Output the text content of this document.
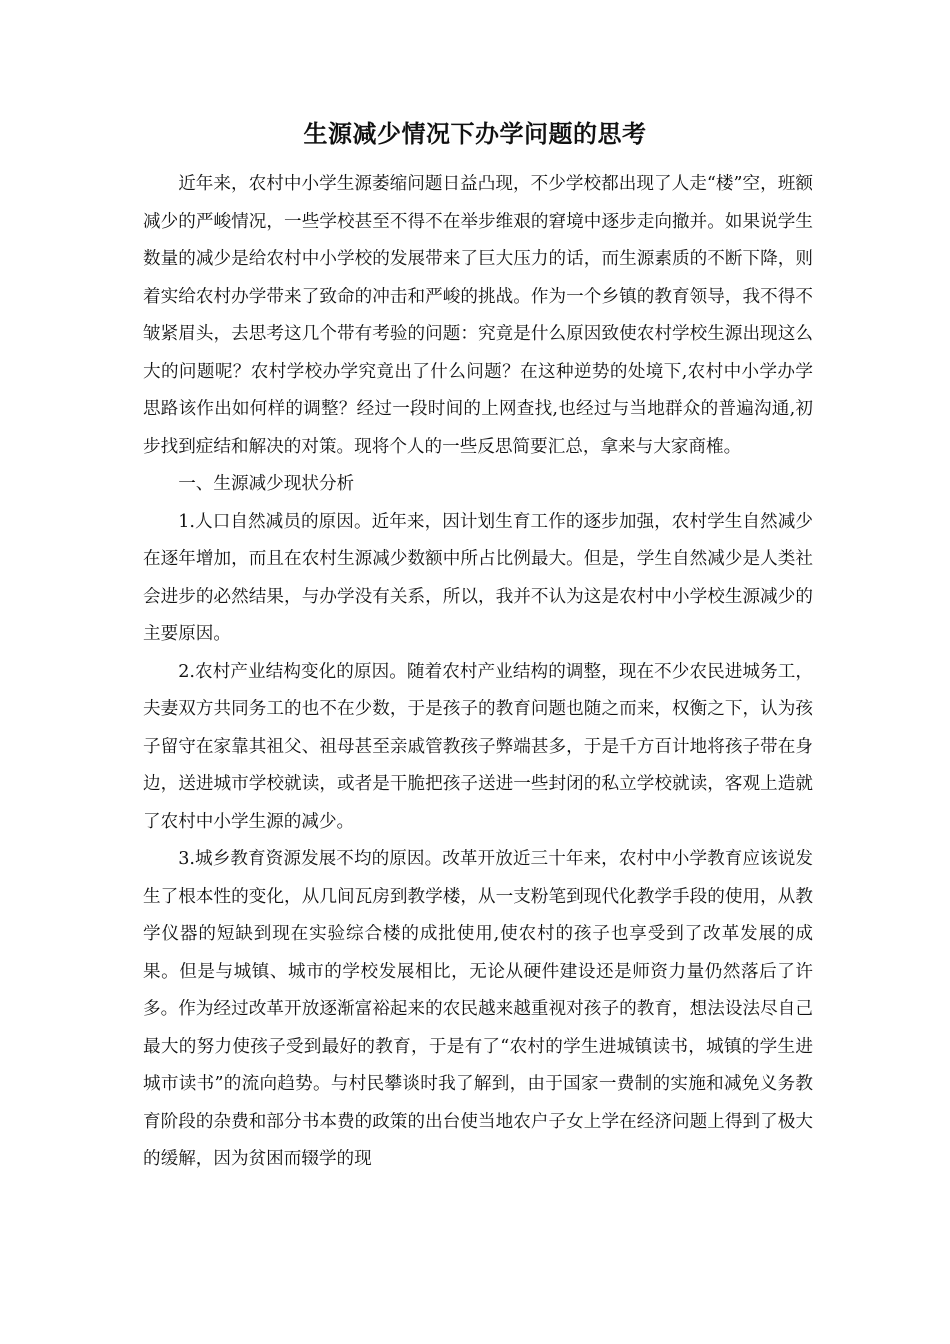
生源减少情况下办学问题的思考

近年来，农村中小学生源萎缩问题日益凸现，不少学校都出现了人走“楼”空，班额减少的严峻情况，一些学校甚至不得不在举步维艰的窘境中逐步走向撤并。如果说学生数量的减少是给农村中小学校的发展带来了巨大压力的话，而生源素质的不断下降，则着实给农村办学带来了致命的冲击和严峻的挑战。作为一个乡镇的教育领导，我不得不皱紧眉头，去思考这几个带有考验的问题：究竟是什么原因致使农村学校生源出现这么大的问题呢？农村学校办学究竟出了什么问题？在这种逆势的处境下,农村中小学办学思路该作出如何样的调整？经过一段时间的上网查找,也经过与当地群众的普遍沟通,初步找到症结和解决的对策。现将个人的一些反思简要汇总，拿来与大家商榷。

一、生源减少现状分析

1.人口自然减员的原因。近年来，因计划生育工作的逐步加强，农村学生自然减少在逐年增加，而且在农村生源减少数额中所占比例最大。但是，学生自然减少是人类社会进步的必然结果，与办学没有关系，所以，我并不认为这是农村中小学校生源减少的主要原因。

2.农村产业结构变化的原因。随着农村产业结构的调整，现在不少农民进城务工，夫妻双方共同务工的也不在少数，于是孩子的教育问题也随之而来，权衡之下，认为孩子留守在家靠其祖父、祖母甚至亲戚管教孩子弊端甚多，于是千方百计地将孩子带在身边，送进城市学校就读，或者是干脆把孩子送进一些封闭的私立学校就读，客观上造就了农村中小学生源的减少。

3.城乡教育资源发展不均的原因。改革开放近三十年来，农村中小学教育应该说发生了根本性的变化，从几间瓦房到教学楼，从一支粉笔到现代化教学手段的使用，从教学仪器的短缺到现在实验综合楼的成批使用,使农村的孩子也享受到了改革发展的成果。但是与城镇、城市的学校发展相比，无论从硬件建设还是师资力量仍然落后了许多。作为经过改革开放逐渐富裕起来的农民越来越重视对孩子的教育，想法设法尽自己最大的努力使孩子受到最好的教育，于是有了“农村的学生进城镇读书，城镇的学生进城市读书”的流向趋势。与村民攀谈时我了解到，由于国家一费制的实施和减免义务教育阶段的杂费和部分书本费的政策的出台使当地农户子女上学在经济问题上得到了极大的缓解，因为贫困而辍学的现
